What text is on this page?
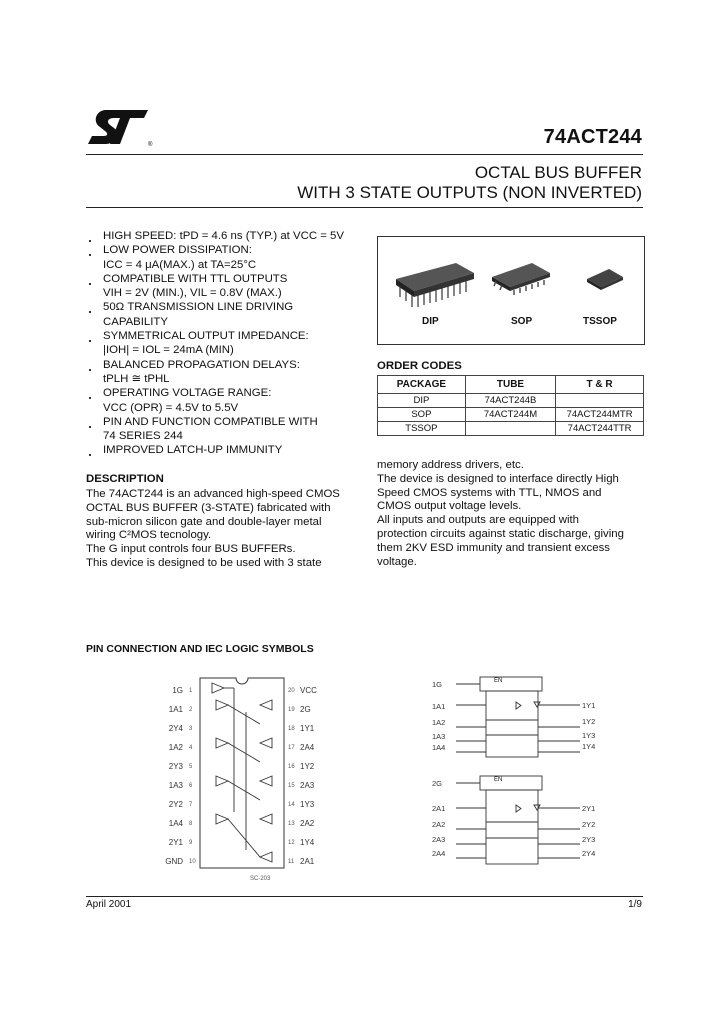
®	74ACT244
OCTAL BUS BUFFER
WITH 3 STATE OUTPUTS (NON INVERTED)
HIGH SPEED: tPD = 4.6 ns (TYP.) at VCC = 5V
LOW POWER DISSIPATION:
ICC = 4 μA(MAX.) at TA=25°C
COMPATIBLE WITH TTL OUTPUTS
VIH = 2V (MIN.), VIL = 0.8V (MAX.)
50Ω TRANSMISSION LINE DRIVING
CAPABILITY
SYMMETRICAL OUTPUT IMPEDANCE:
|IOH| = IOL = 24mA (MIN)
BALANCED PROPAGATION DELAYS:
tPLH ≅ tPHL
OPERATING VOLTAGE RANGE:
VCC (OPR) = 4.5V to 5.5V
PIN AND FUNCTION COMPATIBLE WITH
74 SERIES 244
IMPROVED LATCH-UP IMMUNITY
DIP	SOP	TSSOP
ORDER CODES
PACKAGE	TUBE	T & R
DIP	74ACT244B	
SOP	74ACT244M	74ACT244MTR
TSSOP		74ACT244TTR
DESCRIPTION
The 74ACT244 is an advanced high-speed CMOS
OCTAL BUS BUFFER (3-STATE) fabricated with
sub-micron silicon gate and double-layer metal
wiring C²MOS tecnology.
The G input controls four BUS BUFFERs.
This device is designed to be used with 3 state
memory address drivers, etc.
The device is designed to interface directly High
Speed CMOS systems with TTL, NMOS and
CMOS output voltage levels.
All inputs and outputs are equipped with
protection circuits against static discharge, giving
them 2KV ESD immunity and transient excess
voltage.
PIN CONNECTION AND IEC LOGIC SYMBOLS
SC-203
1G
1A1
2Y4
1A2
2Y3
1A3
2Y2
1A4
2Y1
GND
1
2
3
4
5
6
7
8
9
10
20
19
18
17
16
15
14
13
12
11
VCC
2G
1Y1
2A4
1Y2
2A3
1Y3
2A2
1Y4
2A1
EN
EN
1G
1A1
1A2
1A3
1A4
1Y1
1Y2
1Y3
1Y4
2G
2A1
2A2
2A3
2A4
2Y1
2Y2
2Y3
2Y4
April 2001	1/9
